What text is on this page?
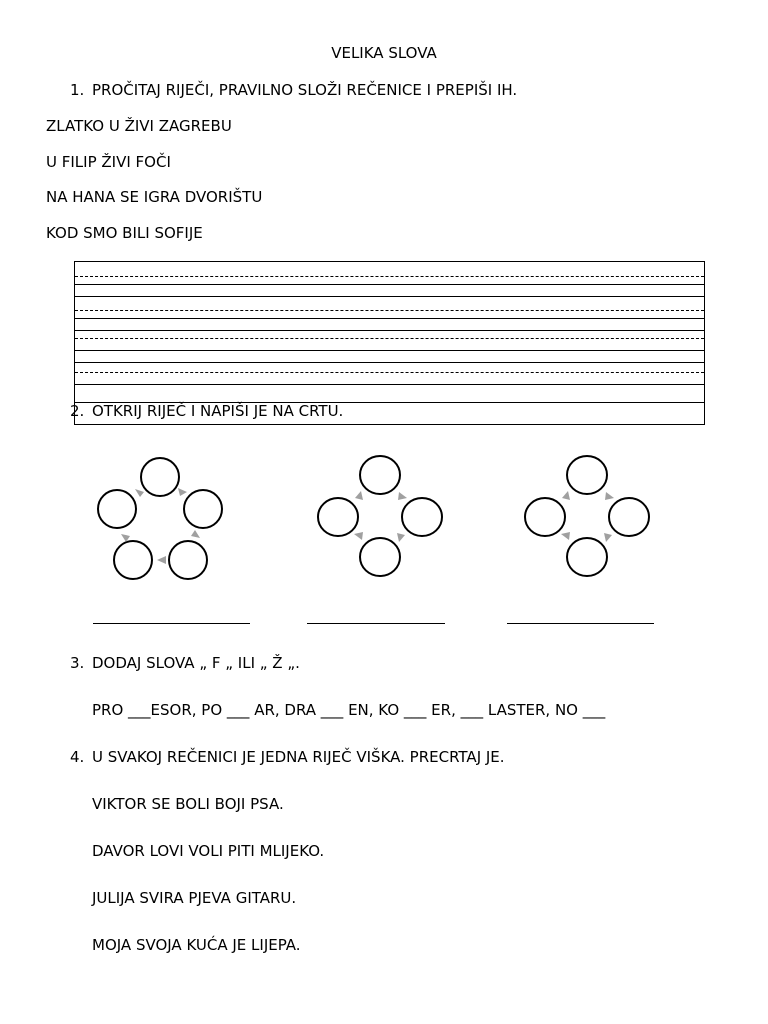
VELIKA SLOVA
1. PROČITAJ RIJEČI, PRAVILNO SLOŽI REČENICE I PREPIŠI IH.
ZLATKO U ŽIVI ZAGREBU
U FILIP ŽIVI FOČI
NA HANA SE IGRA DVORIŠTU
KOD SMO BILI SOFIJE
2. OTKRIJ RIJEČ I NAPIŠI JE NA CRTU.
3. DODAJ SLOVA „ F „ ILI „ Ž „.
PRO ___ESOR, PO ___ AR, DRA ___ EN, KO ___ ER, ___ LASTER, NO ___
4. U SVAKOJ REČENICI JE JEDNA RIJEČ VIŠKA. PRECRTAJ JE.
VIKTOR SE BOLI BOJI PSA.
DAVOR LOVI VOLI PITI MLIJEKO.
JULIJA SVIRA PJEVA GITARU.
MOJA SVOJA KUĆA JE LIJEPA.
